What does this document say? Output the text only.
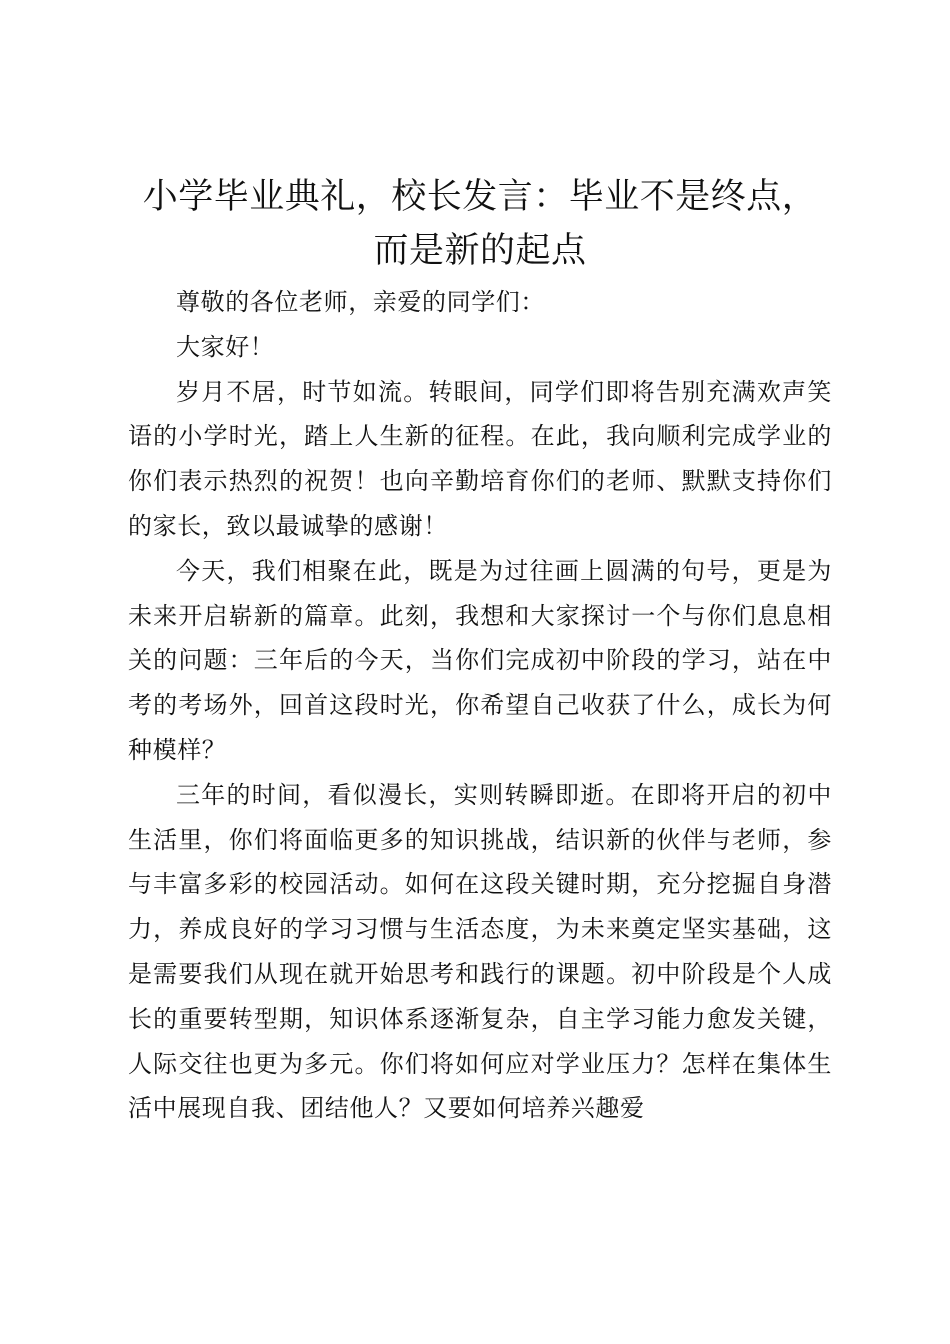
小学毕业典礼，校长发言：毕业不是终点，而是新的起点

尊敬的各位老师，亲爱的同学们：

大家好！

岁月不居，时节如流。转眼间，同学们即将告别充满欢声笑语的小学时光，踏上人生新的征程。在此，我向顺利完成学业的你们表示热烈的祝贺！也向辛勤培育你们的老师、默默支持你们的家长，致以最诚挚的感谢！

今天，我们相聚在此，既是为过往画上圆满的句号，更是为未来开启崭新的篇章。此刻，我想和大家探讨一个与你们息息相关的问题：三年后的今天，当你们完成初中阶段的学习，站在中考的考场外，回首这段时光，你希望自己收获了什么，成长为何种模样？

三年的时间，看似漫长，实则转瞬即逝。在即将开启的初中生活里，你们将面临更多的知识挑战，结识新的伙伴与老师，参与丰富多彩的校园活动。如何在这段关键时期，充分挖掘自身潜力，养成良好的学习习惯与生活态度，为未来奠定坚实基础，这是需要我们从现在就开始思考和践行的课题。初中阶段是个人成长的重要转型期，知识体系逐渐复杂，自主学习能力愈发关键，人际交往也更为多元。你们将如何应对学业压力？怎样在集体生活中展现自我、团结他人？又要如何培养兴趣爱
